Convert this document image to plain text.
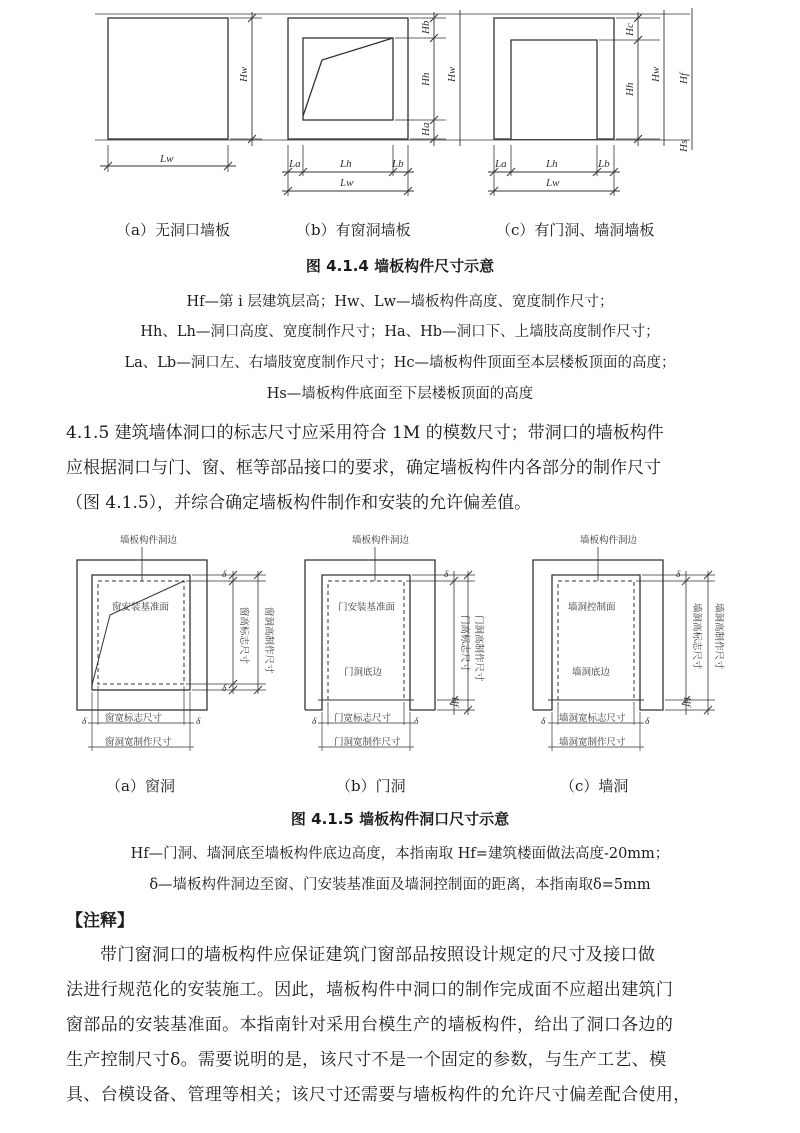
Hw
Lw
Hb
Hh
Ha
Hw
La	Lh	Lb
Lw
Hc
Hh
Hw Hf
Hs
La	Lh	Lb
Lw
（a）无洞口墙板	（b）有窗洞墙板	（c）有门洞、墙洞墙板
图 4.1.4 墙板构件尺寸示意
Hf—第 i 层建筑层高；Hw、Lw—墙板构件高度、宽度制作尺寸；
Hh、Lh—洞口高度、宽度制作尺寸；Ha、Hb—洞口下、上墙肢高度制作尺寸；
La、Lb—洞口左、右墙肢宽度制作尺寸；Hc—墙板构件顶面至本层楼板顶面的高度；
Hs—墙板构件底面至下层楼板顶面的高度
4.1.5 建筑墙体洞口的标志尺寸应采用符合 1M 的模数尺寸；带洞口的墙板构件
应根据洞口与门、窗、框等部品接口的要求，确定墙板构件内各部分的制作尺寸
（图 4.1.5），并综合确定墙板构件制作和安装的允许偏差值。
墙板构件洞边
窗安装基准面
δ
δ
窗高标志尺寸 窗洞高制作尺寸
δ 窗宽标志尺寸	δ
窗洞宽制作尺寸
墙板构件洞边
门安装基准面
门洞底边
δ
门高标志尺寸 门洞高制作尺寸
Hf
δ 门宽标志尺寸 δ
门洞宽制作尺寸
墙板构件洞边
墙洞控制面
墙洞底边
δ
墙洞高标志尺寸 墙洞高制作尺寸
Hf
δ 墙洞宽标志尺寸 δ
墙洞宽制作尺寸
（a）窗洞	（b）门洞	（c）墙洞
图 4.1.5 墙板构件洞口尺寸示意
Hf—门洞、墙洞底至墙板构件底边高度，本指南取 Hf=建筑楼面做法高度-20mm；
δ—墙板构件洞边至窗、门安装基准面及墙洞控制面的距离，本指南取δ=5mm
【注释】
带门窗洞口的墙板构件应保证建筑门窗部品按照设计规定的尺寸及接口做
法进行规范化的安装施工。因此，墙板构件中洞口的制作完成面不应超出建筑门
窗部品的安装基准面。本指南针对采用台模生产的墙板构件，给出了洞口各边的
生产控制尺寸δ。需要说明的是，该尺寸不是一个固定的参数，与生产工艺、模
具、台模设备、管理等相关；该尺寸还需要与墙板构件的允许尺寸偏差配合使用，
